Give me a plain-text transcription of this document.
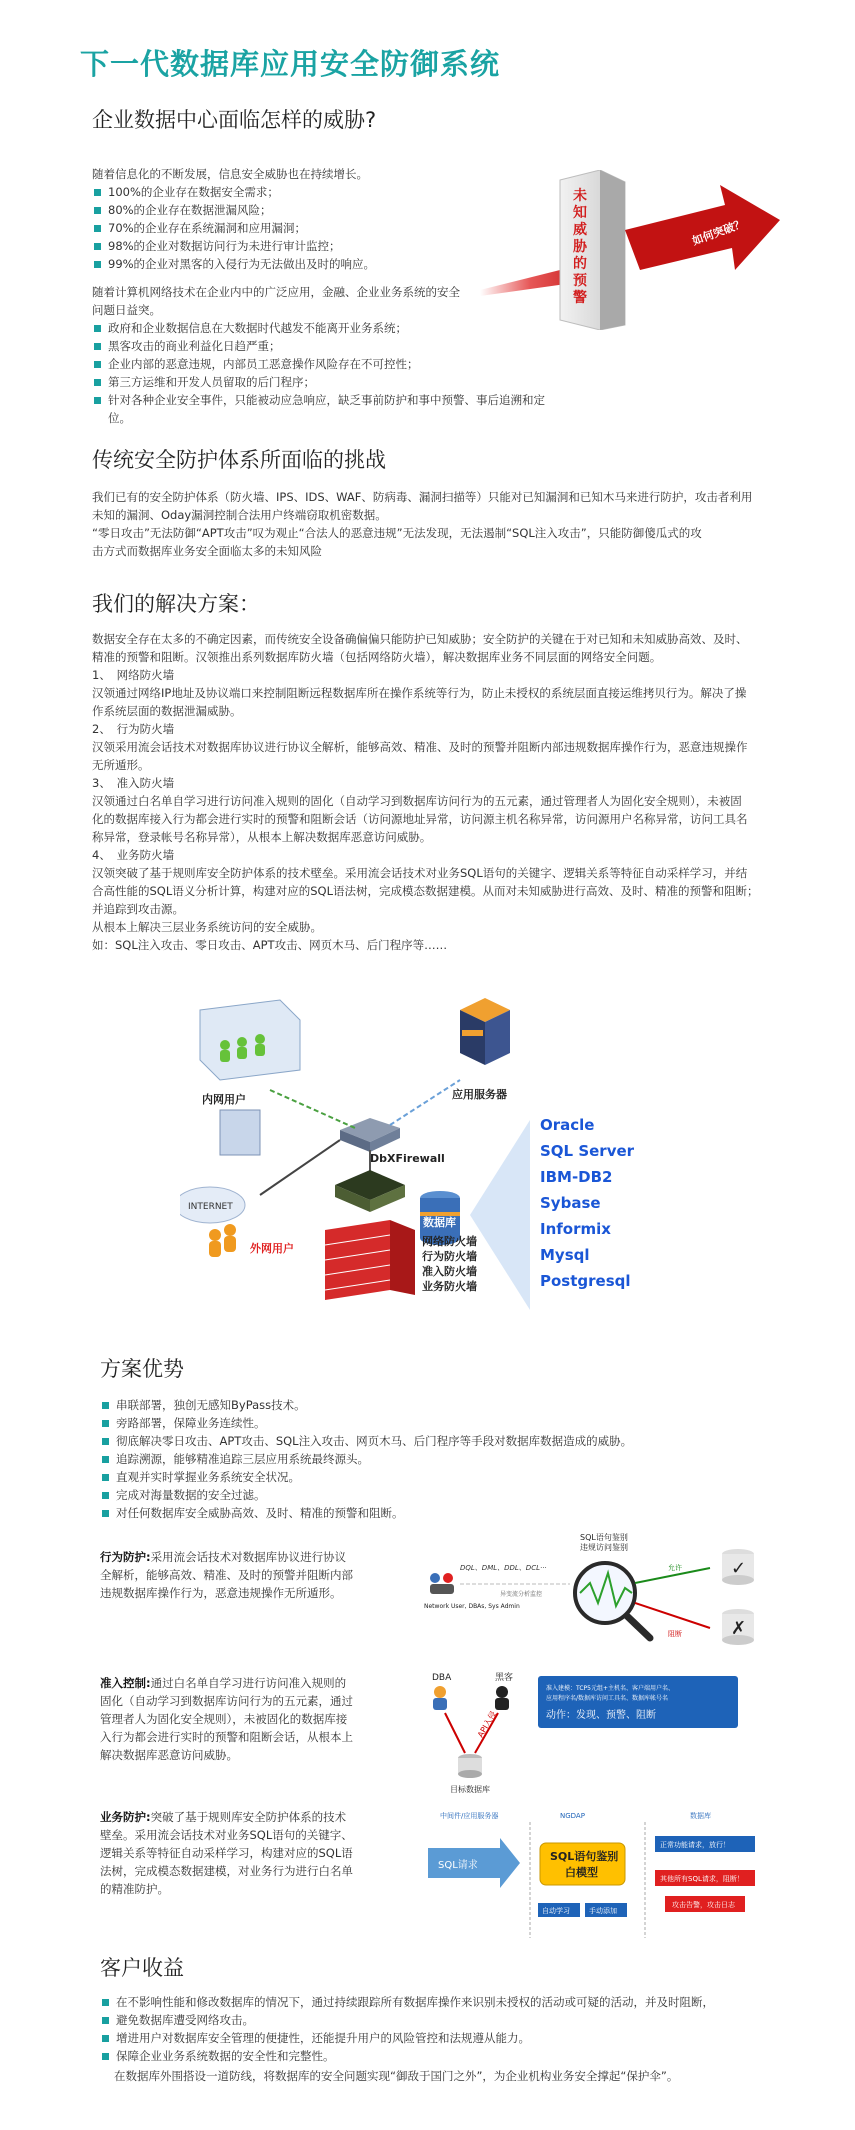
下一代数据库应用安全防御系统
企业数据中心面临怎样的威胁?

随着信息化的不断发展，信息安全威胁也在持续增长。

100%的企业存在数据安全需求；
80%的企业存在数据泄漏风险；
70%的企业存在系统漏洞和应用漏洞；
98%的企业对数据访问行为未进行审计监控；
99%的企业对黑客的入侵行为无法做出及时的响应。

随着计算机网络技术在企业内中的广泛应用，金融、企业业务系统的安全

问题日益突。

政府和企业数据信息在大数据时代越发不能离开业务系统；
黑客攻击的商业利益化日趋严重；
企业内部的恶意违规，内部员工恶意操作风险存在不可控性；
第三方运维和开发人员留取的后门程序；
针对各种企业安全事件，只能被动应急响应，缺乏事前防护和事中预警、事后追溯和定位。
未
知
威
胁
的
预
警
如何突破？
传统安全防护体系所面临的挑战

我们已有的安全防护体系（防火墙、IPS、IDS、WAF、防病毒、漏洞扫描等）只能对已知漏洞和已知木马来进行防护，攻击者利用

未知的漏洞、Oday漏洞控制合法用户终端窃取机密数据。

“零日攻击”无法防御“APT攻击”叹为观止“合法人的恶意违规”无法发现，无法遏制“SQL注入攻击”，只能防御傻瓜式的攻

击方式而数据库业务安全面临太多的未知风险

我们的解决方案：

数据安全存在太多的不确定因素，而传统安全设备确偏偏只能防护已知威胁；安全防护的关键在于对已知和未知威胁高效、及时、

精准的预警和阻断。汉领推出系列数据库防火墙（包括网络防火墙），解决数据库业务不同层面的网络安全问题。

1、　网络防火墙

汉领通过网络IP地址及协议端口来控制阻断远程数据库所在操作系统等行为，防止未授权的系统层面直接运维拷贝行为。解决了操

作系统层面的数据泄漏威胁。

2、　行为防火墙

汉领采用流会话技术对数据库协议进行协议全解析，能够高效、精准、及时的预警并阻断内部违规数据库操作行为，恶意违规操作

无所遁形。

3、　准入防火墙

汉领通过白名单自学习进行访问准入规则的固化（自动学习到数据库访问行为的五元素，通过管理者人为固化安全规则），未被固

化的数据库接入行为都会进行实时的预警和阻断会话（访问源地址异常，访问源主机名称异常，访问源用户名称异常，访问工具名

称异常，登录帐号名称异常），从根本上解决数据库恶意访问威胁。

4、　业务防火墙

汉领突破了基于规则库安全防护体系的技术壁垒。采用流会话技术对业务SQL语句的关键字、逻辑关系等特征自动采样学习，并结

合高性能的SQL语义分析计算，构建对应的SQL语法树，完成模态数据建模。从而对未知威胁进行高效、及时、精准的预警和阻断；

并追踪到攻击源。

从根本上解决三层业务系统访问的安全威胁。

如：SQL注入攻击、零日攻击、APT攻击、网页木马、后门程序等……

内网用户	应用服务器
DbXFirewall
数据库
INTERNET
外网用户
网络防火墙
行为防火墙
准入防火墙
业务防火墙
Oracle
SQL Server
IBM-DB2
Sybase
Informix
Mysql
Postgresql
方案优势
串联部署，独创无感知ByPass技术。
旁路部署，保障业务连续性。
彻底解决零日攻击、APT攻击、SQL注入攻击、网页木马、后门程序等手段对数据库数据造成的威胁。
追踪溯源，能够精准追踪三层应用系统最终源头。
直观并实时掌握业务系统安全状况。
完成对海量数据的安全过滤。
对任何数据库安全威胁高效、及时、精准的预警和阻断。

行为防护:采用流会话技术对数据库协议进行协议
全解析，能够高效、精准、及时的预警并阻断内部
违规数据库操作行为，恶意违规操作无所遁形。

SQL语句鉴别
违规访问鉴别
DQL、DML、DDL、DCL···
异变流分析监控
Network User, DBAs, Sys Admin
允许
阻断
✓
✗

准入控制:通过白名单自学习进行访问准入规则的
固化（自动学习到数据库访问行为的五元素，通过
管理者人为固化安全规则），未被固化的数据库接
入行为都会进行实时的预警和阻断会话，从根本上
解决数据库恶意访问威胁。

DBA	黑客
API入侵
目标数据库
准入建模：TCP5元组+主机名、客户端用户名、
应用程序名/数据库访问工具名、数据库帐号名
动作：发现、预警、阻断

业务防护:突破了基于规则库安全防护体系的技术
壁垒。采用流会话技术对业务SQL语句的关键字、
逻辑关系等特征自动采样学习，构建对应的SQL语
法树，完成模态数据建模，对业务行为进行白名单
的精准防护。

中间件/应用服务器	NGDAP	数据库
SQL请求
SQL语句鉴别
白模型
自动学习	手动添加
正常功能请求，放行！
其他所有SQL请求，阻断！
攻击告警，攻击日志
客户收益
在不影响性能和修改数据库的情况下，通过持续跟踪所有数据库操作来识别未授权的活动或可疑的活动，并及时阻断，
避免数据库遭受网络攻击。
增进用户对数据库安全管理的便捷性，还能提升用户的风险管控和法规遵从能力。
保障企业业务系统数据的安全性和完整性。
在数据库外围搭设一道防线，将数据库的安全问题实现“御敌于国门之外”，为企业机构业务安全撑起“保护伞”。
